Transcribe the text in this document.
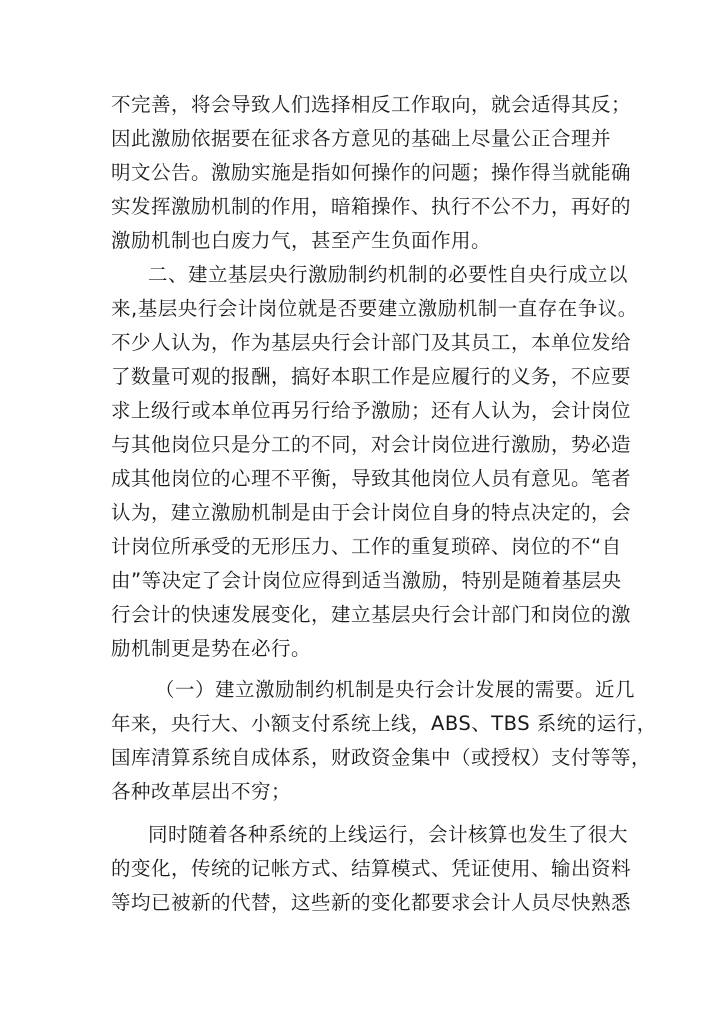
不完善，将会导致人们选择相反工作取向，就会适得其反；
因此激励依据要在征求各方意见的基础上尽量公正合理并
明文公告。激励实施是指如何操作的问题；操作得当就能确
实发挥激励机制的作用，暗箱操作、执行不公不力，再好的
激励机制也白废力气，甚至产生负面作用。
二、建立基层央行激励制约机制的必要性自央行成立以
来,基层央行会计岗位就是否要建立激励机制一直存在争议。
不少人认为，作为基层央行会计部门及其员工，本单位发给
了数量可观的报酬，搞好本职工作是应履行的义务，不应要
求上级行或本单位再另行给予激励；还有人认为，会计岗位
与其他岗位只是分工的不同，对会计岗位进行激励，势必造
成其他岗位的心理不平衡，导致其他岗位人员有意见。笔者
认为，建立激励机制是由于会计岗位自身的特点决定的，会
计岗位所承受的无形压力、工作的重复琐碎、岗位的不“自
由”等决定了会计岗位应得到适当激励，特别是随着基层央
行会计的快速发展变化，建立基层央行会计部门和岗位的激
励机制更是势在必行。
（一）建立激励制约机制是央行会计发展的需要。近几
年来，央行大、小额支付系统上线，ABS、TBS 系统的运行，
国库清算系统自成体系，财政资金集中（或授权）支付等等，
各种改革层出不穷；
同时随着各种系统的上线运行，会计核算也发生了很大
的变化，传统的记帐方式、结算模式、凭证使用、输出资料
等均已被新的代替，这些新的变化都要求会计人员尽快熟悉
